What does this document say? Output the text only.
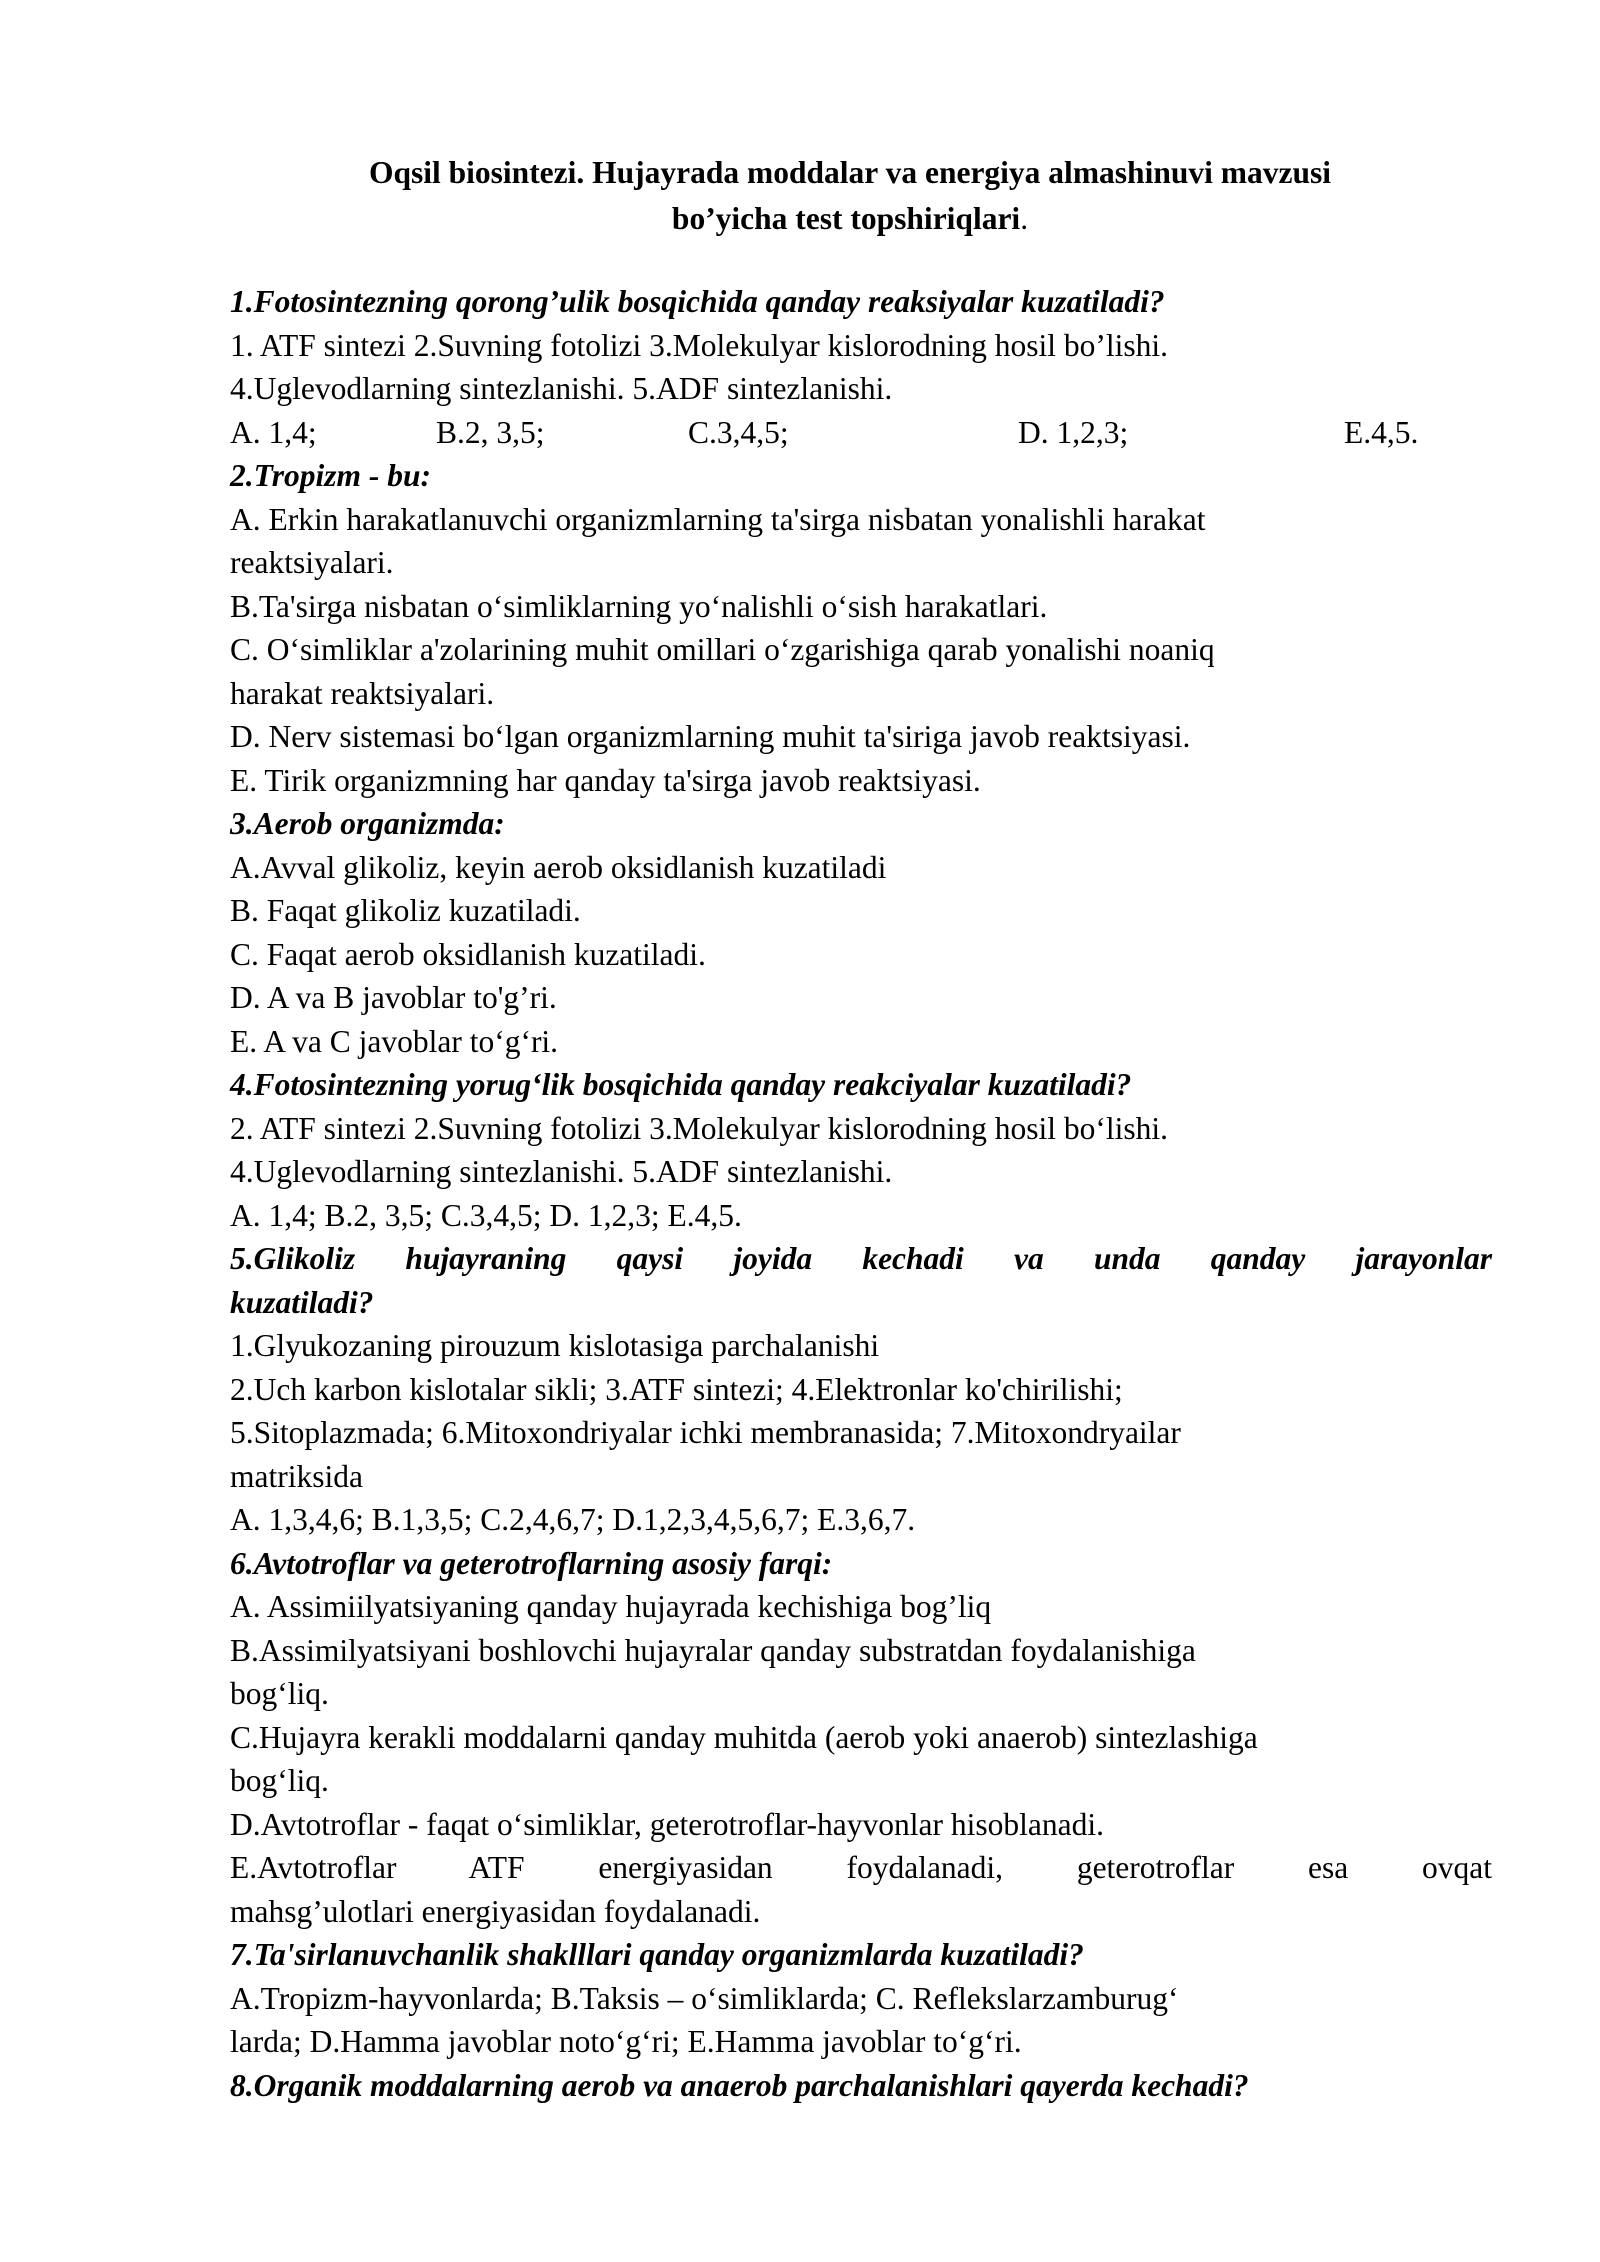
Oqsil biosintezi. Hujayrada moddalar va energiya almashinuvi mavzusi
bo’yicha test topshiriqlari.
1.Fotosintezning qorong’ulik bosqichida qanday reaksiyalar kuzatiladi?
1. ATF sintezi 2.Suvning fotolizi 3.Molekulyar kislorodning hosil bo’lishi.
4.Uglevodlarning sintezlanishi. 5.ADF sintezlanishi.
A. 1,4;	B.2, 3,5;	C.3,4,5;	D. 1,2,3;	E.4,5.
2.Tropizm - bu:
A. Erkin harakatlanuvchi organizmlarning ta'sirga nisbatan yonalishli harakat
reaktsiyalari.
B.Ta'sirga nisbatan o‘simliklarning yo‘nalishli o‘sish harakatlari.
C. O‘simliklar a'zolarining muhit omillari o‘zgarishiga qarab yonalishi noaniq
harakat reaktsiyalari.
D. Nerv sistemasi bo‘lgan organizmlarning muhit ta'siriga javob reaktsiyasi.
E. Tirik organizmning har qanday ta'sirga javob reaktsiyasi.
3.Aerob organizmda:
A.Avval glikoliz, keyin aerob oksidlanish kuzatiladi
B. Faqat glikoliz kuzatiladi.
C. Faqat aerob oksidlanish kuzatiladi.
D. A va B javoblar to'g’ri.
E. A va C javoblar to‘g‘ri.
4.Fotosintezning yorug‘lik bosqichida qanday reakciyalar kuzatiladi?
2. ATF sintezi 2.Suvning fotolizi 3.Molekulyar kislorodning hosil bo‘lishi.
4.Uglevodlarning sintezlanishi. 5.ADF sintezlanishi.
A. 1,4; B.2, 3,5; C.3,4,5; D. 1,2,3; E.4,5.
5.Glikoliz hujayraning qaysi joyida kechadi va unda qanday jarayonlar
kuzatiladi?
1.Glyukozaning pirouzum kislotasiga parchalanishi
2.Uch karbon kislotalar sikli; 3.ATF sintezi; 4.Elektronlar ko'chirilishi;
5.Sitoplazmada; 6.Mitoxondriyalar ichki membranasida; 7.Mitoxondryailar
matriksida
A. 1,3,4,6; B.1,3,5; C.2,4,6,7; D.1,2,3,4,5,6,7; E.3,6,7.
6.Avtotroflar va geterotroflarning asosiy farqi:
A. Assimiilyatsiyaning qanday hujayrada kechishiga bog’liq
B.Assimilyatsiyani boshlovchi hujayralar qanday substratdan foydalanishiga
bog‘liq.
C.Hujayra kerakli moddalarni qanday muhitda (aerob yoki anaerob) sintezlashiga
bog‘liq.
D.Avtotroflar - faqat o‘simliklar, geterotroflar-hayvonlar hisoblanadi.
E.Avtotroflar ATF energiyasidan foydalanadi, geterotroflar esa ovqat
mahsg’ulotlari energiyasidan foydalanadi.
7.Ta'sirlanuvchanlik shaklllari qanday organizmlarda kuzatiladi?
A.Tropizm-hayvonlarda; B.Taksis – o‘simliklarda; C. Reflekslarzamburug‘
larda; D.Hamma javoblar noto‘g‘ri; E.Hamma javoblar to‘g‘ri.
8.Organik moddalarning aerob va anaerob parchalanishlari qayerda kechadi?
